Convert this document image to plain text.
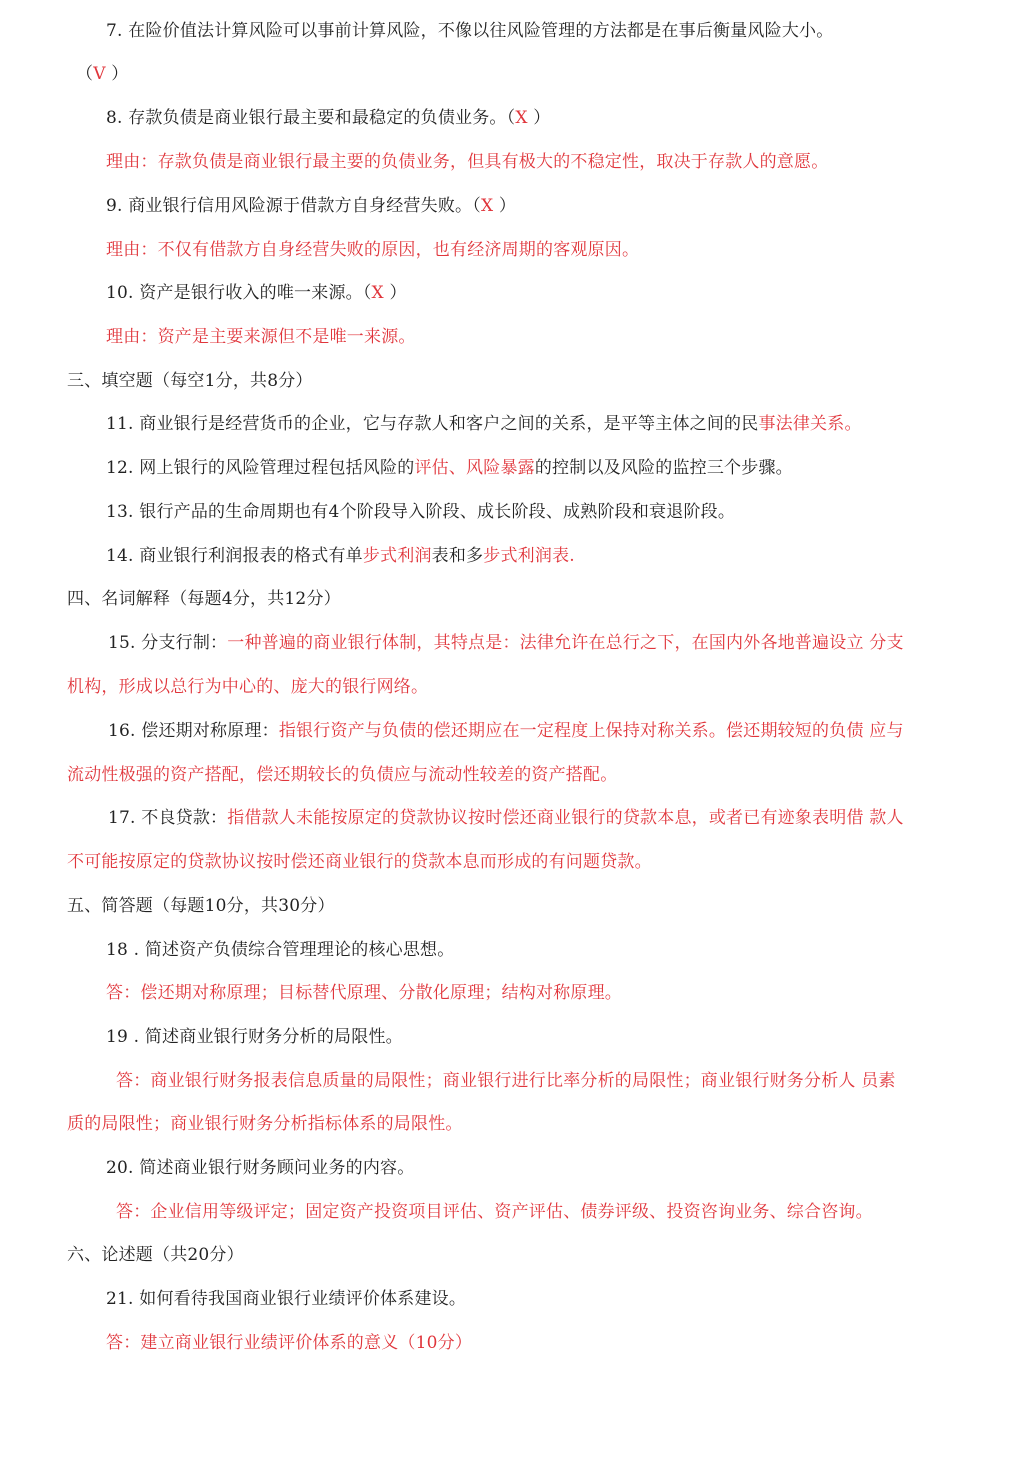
7. 在险价值法计算风险可以事前计算风险，不像以往风险管理的方法都是在事后衡量风险大小。
（V ）
8. 存款负债是商业银行最主要和最稳定的负债业务。（X ）
理由：存款负债是商业银行最主要的负债业务，但具有极大的不稳定性，取决于存款人的意愿。
9. 商业银行信用风险源于借款方自身经营失败。（X ）
理由：不仅有借款方自身经营失败的原因，也有经济周期的客观原因。
10. 资产是银行收入的唯一来源。（X ）
理由：资产是主要来源但不是唯一来源。
三、填空题（每空1分，共8分）
11. 商业银行是经营货币的企业，它与存款人和客户之间的关系，是平等主体之间的民事法律关系。
12. 网上银行的风险管理过程包括风险的评估、风险暴露的控制以及风险的监控三个步骤。
13. 银行产品的生命周期也有4个阶段导入阶段、成长阶段、成熟阶段和衰退阶段。
14. 商业银行利润报表的格式有单步式利润表和多步式利润表.
四、名词解释（每题4分，共12分）
15. 分支行制：一种普遍的商业银行体制，其特点是：法律允许在总行之下，在国内外各地普遍设立 分支
机构，形成以总行为中心的、庞大的银行网络。
16. 偿还期对称原理：指银行资产与负债的偿还期应在一定程度上保持对称关系。偿还期较短的负债 应与
流动性极强的资产搭配，偿还期较长的负债应与流动性较差的资产搭配。
17. 不良贷款：指借款人未能按原定的贷款协议按时偿还商业银行的贷款本息，或者已有迹象表明借 款人
不可能按原定的贷款协议按时偿还商业银行的贷款本息而形成的有问题贷款。
五、简答题（每题10分，共30分）
18 . 简述资产负债综合管理理论的核心思想。
答：偿还期对称原理；目标替代原理、分散化原理；结构对称原理。
19 . 简述商业银行财务分析的局限性。
答：商业银行财务报表信息质量的局限性；商业银行进行比率分析的局限性；商业银行财务分析人 员素
质的局限性；商业银行财务分析指标体系的局限性。
20. 简述商业银行财务顾问业务的内容。
答：企业信用等级评定；固定资产投资项目评估、资产评估、债券评级、投资咨询业务、综合咨询。
六、论述题（共20分）
21. 如何看待我国商业银行业绩评价体系建设。
答：建立商业银行业绩评价体系的意义（10分）
